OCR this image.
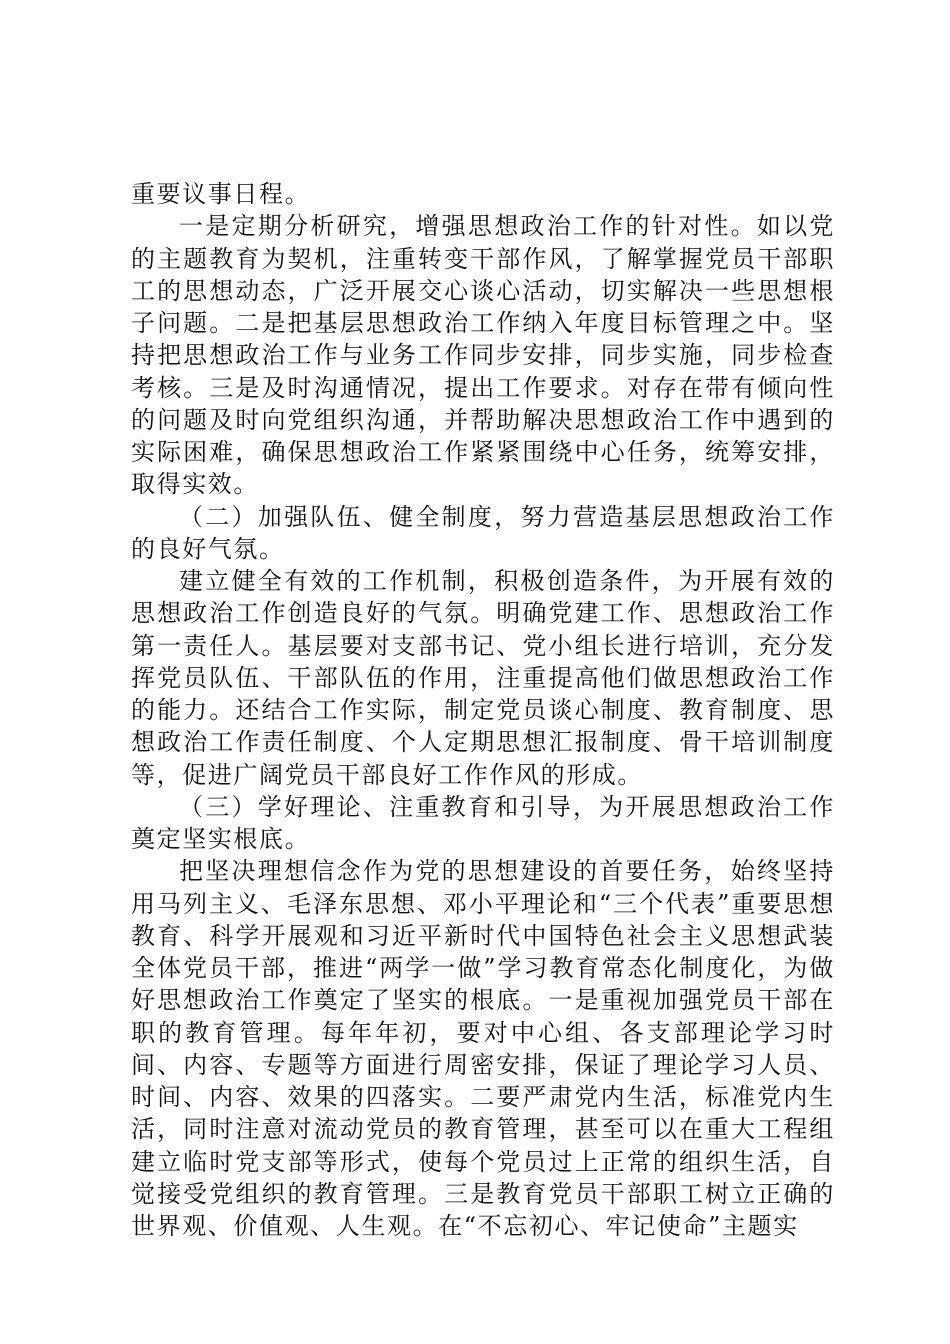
重要议事日程。

一是定期分析研究，增强思想政治工作的针对性。如以党的主题教育为契机，注重转变干部作风，了解掌握党员干部职工的思想动态，广泛开展交心谈心活动，切实解决一些思想根子问题。二是把基层思想政治工作纳入年度目标管理之中。坚持把思想政治工作与业务工作同步安排，同步实施，同步检查考核。三是及时沟通情况，提出工作要求。对存在带有倾向性的问题及时向党组织沟通，并帮助解决思想政治工作中遇到的实际困难，确保思想政治工作紧紧围绕中心任务，统筹安排，取得实效。

（二）加强队伍、健全制度，努力营造基层思想政治工作的良好气氛。

建立健全有效的工作机制，积极创造条件，为开展有效的思想政治工作创造良好的气氛。明确党建工作、思想政治工作第一责任人。基层要对支部书记、党小组长进行培训，充分发挥党员队伍、干部队伍的作用，注重提高他们做思想政治工作的能力。还结合工作实际，制定党员谈心制度、教育制度、思想政治工作责任制度、个人定期思想汇报制度、骨干培训制度等，促进广阔党员干部良好工作作风的形成。

（三）学好理论、注重教育和引导，为开展思想政治工作奠定坚实根底。

把坚决理想信念作为党的思想建设的首要任务，始终坚持用马列主义、毛泽东思想、邓小平理论和“三个代表”重要思想教育、科学开展观和习近平新时代中国特色社会主义思想武装全体党员干部，推进“两学一做”学习教育常态化制度化，为做好思想政治工作奠定了坚实的根底。一是重视加强党员干部在职的教育管理。每年年初，要对中心组、各支部理论学习时间、内容、专题等方面进行周密安排，保证了理论学习人员、时间、内容、效果的四落实。二要严肃党内生活，标准党内生活，同时注意对流动党员的教育管理，甚至可以在重大工程组建立临时党支部等形式，使每个党员过上正常的组织生活，自觉接受党组织的教育管理。三是教育党员干部职工树立正确的世界观、价值观、人生观。在“不忘初心、牢记使命”主题实
